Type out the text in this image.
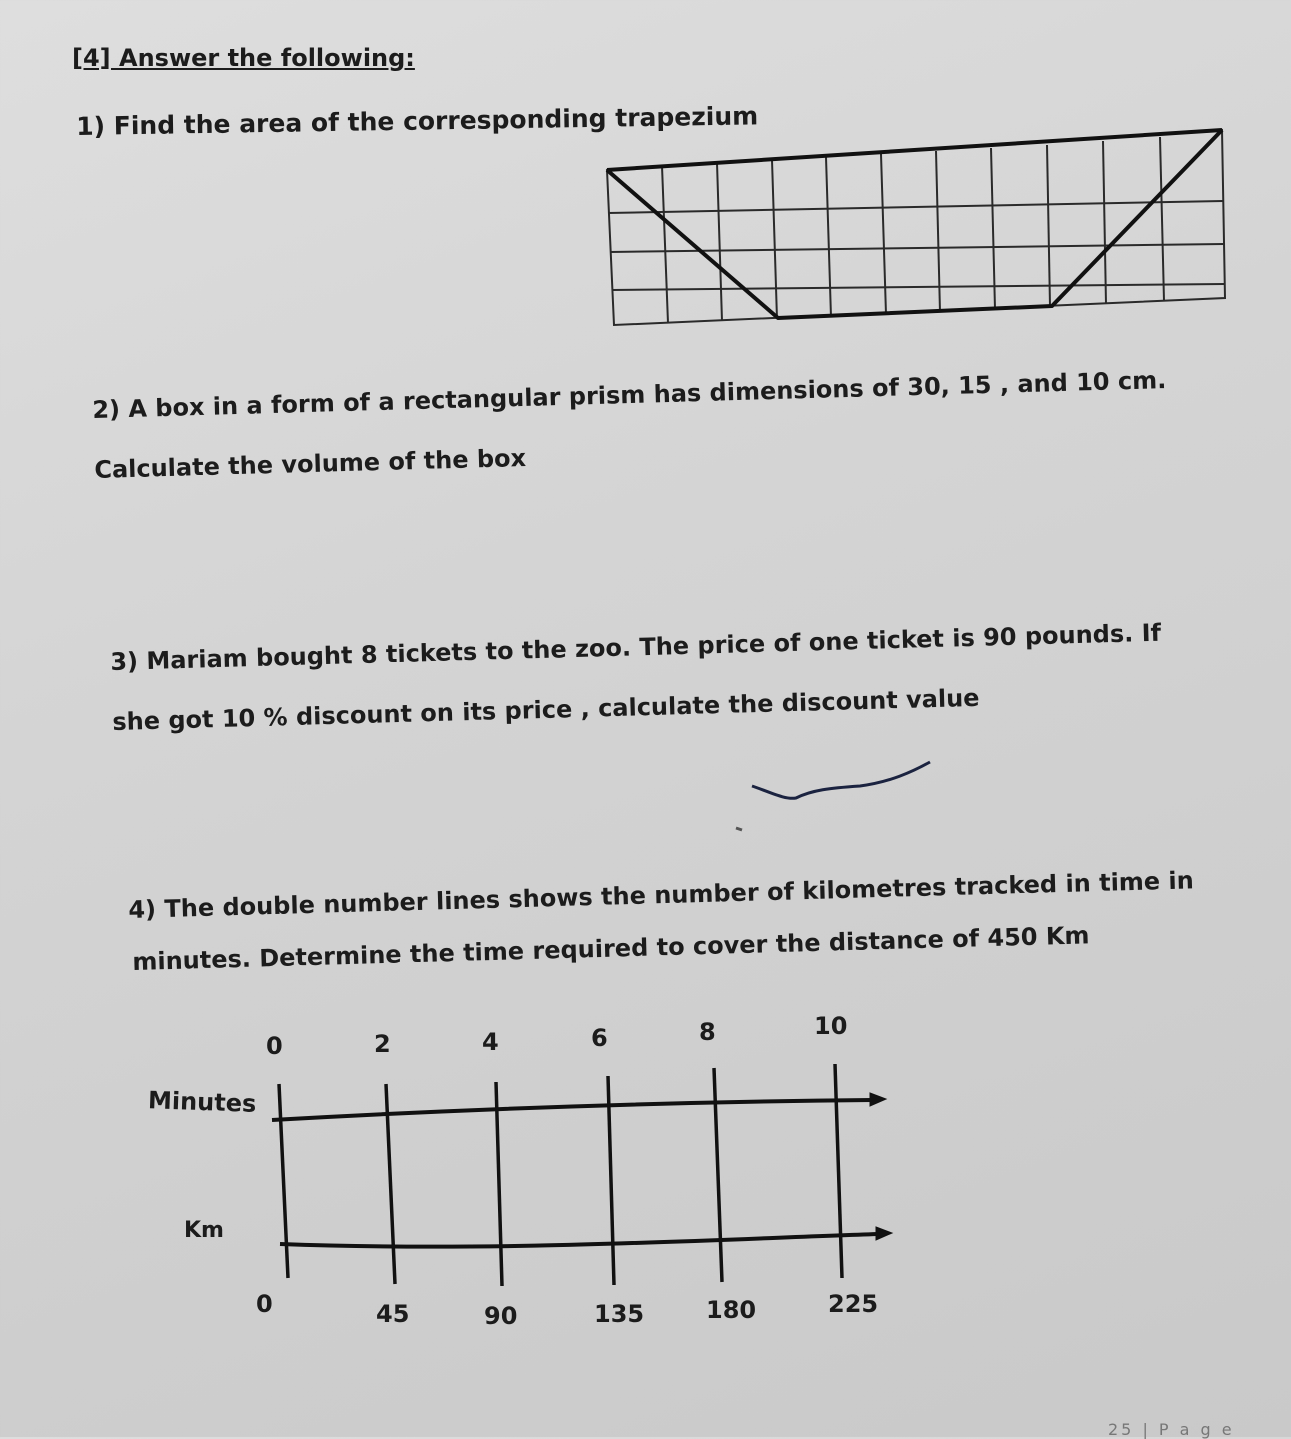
[4] Answer the following:
1) Find the area of the corresponding trapezium
2) A box in a form of a rectangular prism has dimensions of 30, 15 , and 10 cm.
Calculate the volume of the box
3) Mariam bought 8 tickets to the zoo. The price of one ticket is 90 pounds. If
she got 10 % discount on its price , calculate the discount value
4) The double number lines shows the number of kilometres tracked in time in
minutes. Determine the time required to cover the distance of 450 Km
Minutes
Km
0	2	4	6	8	10
0	45	90	135	180	225
25 | P a g e
